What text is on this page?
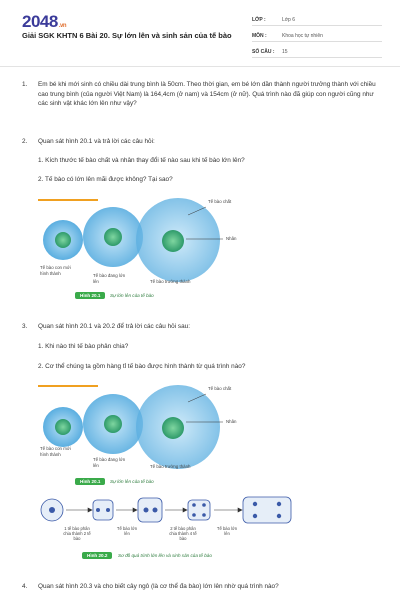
2048.vn
Giải SGK KHTN 6 Bài 20. Sự lớn lên và sinh sản của tế bào
LỚP :	Lớp 6
MÔN :	Khoa học tự nhiên
SỐ CÂU :	15
1. Em bé khi mới sinh có chiều dài trung bình là 50cm. Theo thời gian, em bé lớn dần thành người trưởng thành với chiều cao trung bình (của người Việt Nam) là 164,4cm (ở nam) và 154cm (ở nữ). Quá trình nào đã giúp con người cũng như các sinh vật khác lớn lên như vậy?
2. Quan sát hình 20.1 và trả lời các câu hỏi:
1. Kích thước tế bào chất và nhân thay đổi tế nào sau khi tế bào lớn lên?
2. Tế bào có lớn lên mãi được không? Tại sao?
Tế bào chất
Nhân
Tế bào con mới hình thành	Tế bào đang lớn lên	Tế bào trưởng thành
Hình 20.1	Sự lớn lên của tế bào
3. Quan sát hình 20.1 và 20.2 để trả lời các câu hỏi sau:
1. Khi nào thì tế bào phân chia?
2. Cơ thể chúng ta gồm hàng tỉ tế bào được hình thành từ quá trình nào?
Tế bào chất
Nhân
Tế bào con mới hình thành
Tế bào đang lớn lên	Tế bào trưởng thành
Hình 20.1	Sự lớn lên của tế bào
1 tế bào phân chia thành 2 tế bào
Tế bào lớn lên
2 tế bào phân chia thành 4 tế bào
Tế bào lớn lên
Hình 20.2	Sơ đồ quá trình lớn lên và sinh sản của tế bào
4. Quan sát hình 20.3 và cho biết cây ngô (là cơ thể đa bào) lớn lên nhờ quá trình nào?
